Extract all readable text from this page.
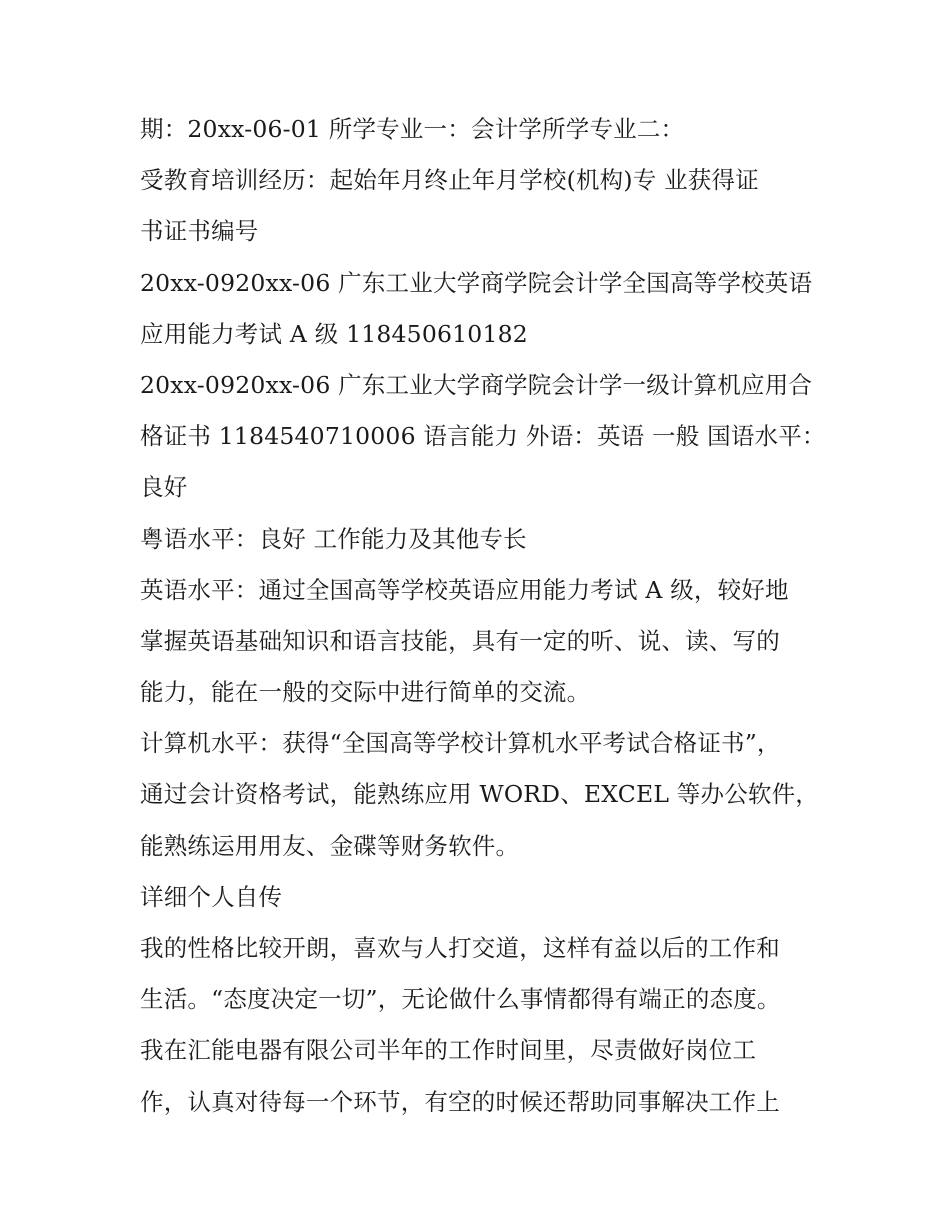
期：20xx-06-01 所学专业一：会计学所学专业二：
受教育培训经历：起始年月终止年月学校(机构)专 业获得证
书证书编号
20xx-0920xx-06 广东工业大学商学院会计学全国高等学校英语
应用能力考试 A 级 118450610182
20xx-0920xx-06 广东工业大学商学院会计学一级计算机应用合
格证书 1184540710006 语言能力 外语：英语 一般 国语水平：
良好
粤语水平：良好 工作能力及其他专长
英语水平：通过全国高等学校英语应用能力考试 A 级，较好地
掌握英语基础知识和语言技能，具有一定的听、说、读、写的
能力，能在一般的交际中进行简单的交流。
计算机水平：获得“全国高等学校计算机水平考试合格证书”，
通过会计资格考试，能熟练应用 WORD、EXCEL 等办公软件，
能熟练运用用友、金碟等财务软件。
详细个人自传
我的性格比较开朗，喜欢与人打交道，这样有益以后的工作和
生活。“态度决定一切”，无论做什么事情都得有端正的态度。
我在汇能电器有限公司半年的工作时间里，尽责做好岗位工
作，认真对待每一个环节，有空的时候还帮助同事解决工作上
